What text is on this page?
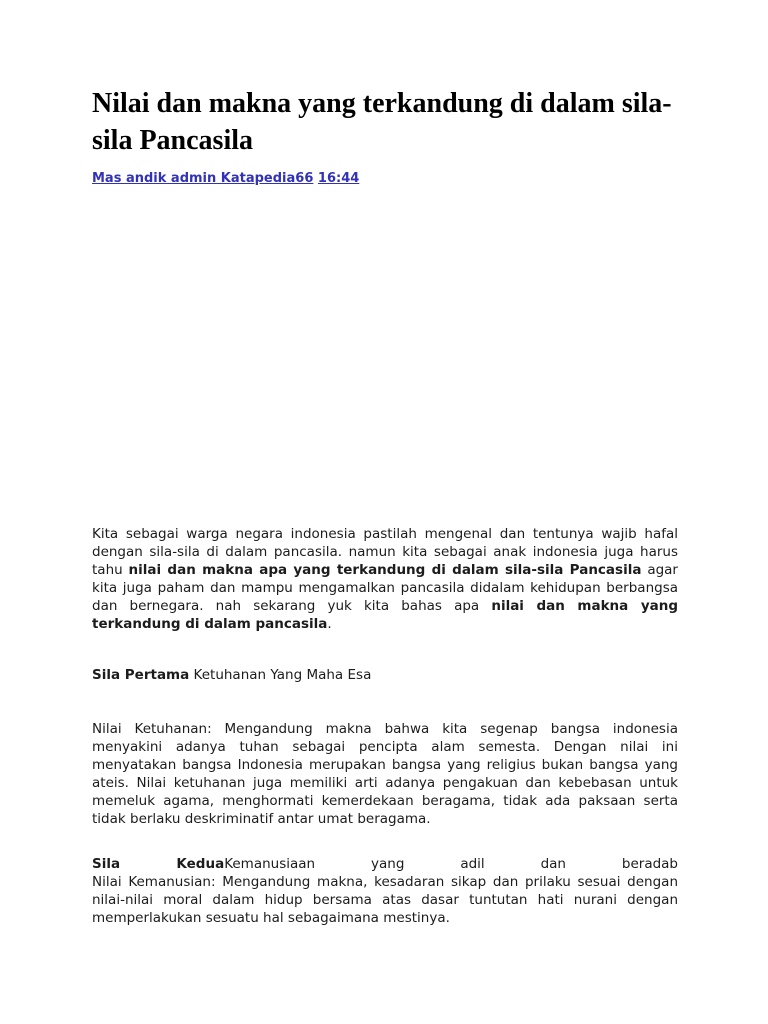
Nilai dan makna yang terkandung di dalam sila-sila Pancasila
Mas andik admin Katapedia66 16:44

Kita sebagai warga negara indonesia pastilah mengenal dan tentunya wajib hafal dengan sila-sila di dalam pancasila. namun kita sebagai anak indonesia juga harus tahu nilai dan makna apa yang terkandung di dalam sila-sila Pancasila agar kita juga paham dan mampu mengamalkan pancasila didalam kehidupan berbangsa dan bernegara. nah sekarang yuk kita bahas apa nilai dan makna yang terkandung di dalam pancasila.

Sila Pertama Ketuhanan Yang Maha Esa

Nilai Ketuhanan: Mengandung makna bahwa kita segenap bangsa indonesia menyakini adanya tuhan sebagai pencipta alam semesta. Dengan nilai ini menyatakan bangsa Indonesia merupakan bangsa yang religius bukan bangsa yang ateis. Nilai ketuhanan juga memiliki arti adanya pengakuan dan kebebasan untuk memeluk agama, menghormati kemerdekaan beragama, tidak ada paksaan serta tidak berlaku deskriminatif antar umat beragama.

Sila KeduaKemanusiaan yang adil dan beradab
Nilai Kemanusian: Mengandung makna, kesadaran sikap dan prilaku sesuai dengan nilai-nilai moral dalam hidup bersama atas dasar tuntutan hati nurani dengan memperlakukan sesuatu hal sebagaimana mestinya.
